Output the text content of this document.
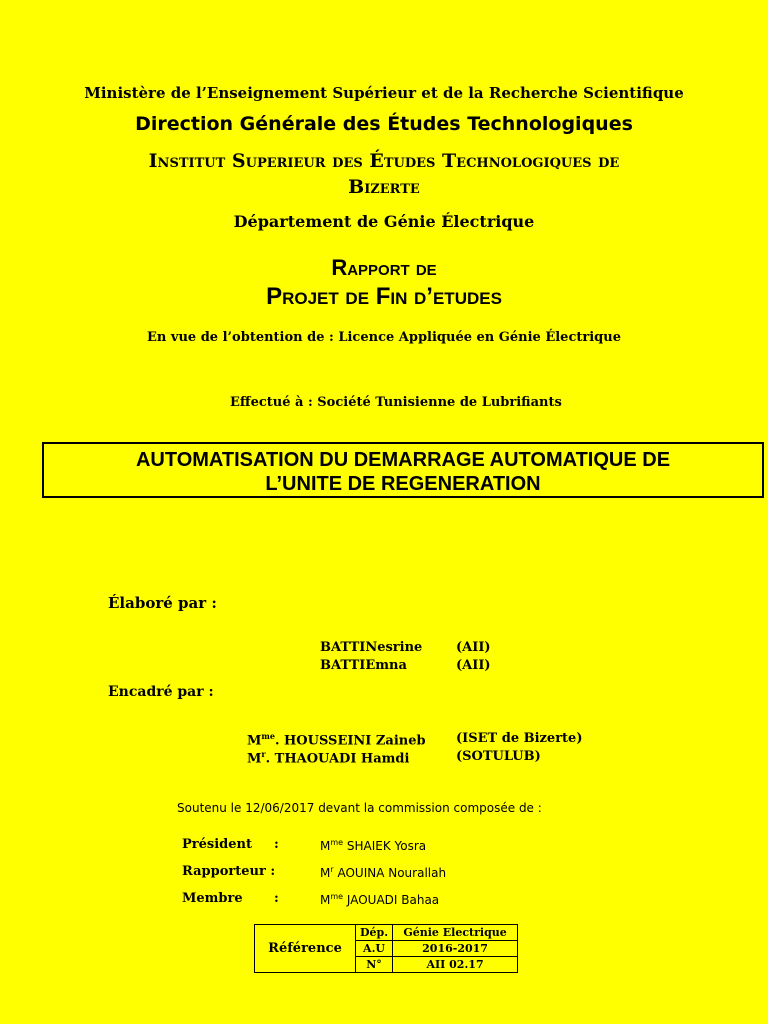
Ministère de l’Enseignement Supérieur et de la Recherche Scientifique
Direction Générale des Études Technologiques
Institut Superieur des Études Technologiques de
Bizerte
Département de Génie Électrique
Rapport de
Projet de Fin d’etudes
En vue de l’obtention de : Licence Appliquée en Génie Électrique
Effectué à : Société Tunisienne de Lubrifiants
AUTOMATISATION DU DEMARRAGE AUTOMATIQUE DE
L’UNITE DE REGENERATION
Élaboré par :
BATTINesrine	(AII)
BATTIEmna	(AII)
Encadré par :
$M^{me}$. HOUSSEINI Zaineb (ISET de Bizerte)
$M^r$. THAOUADI Hamdi	(SOTULUB)
Soutenu le 12/06/2017 devant la commission composée de :
Président :	$M^{me}$ SHAIEK Yosra
Rapporteur :	$M^r$ AOUINA Nourallah
Membre :	$M^{me}$ JAOUADI Bahaa
Référence	Dép.	Génie Electrique
	A.U	2016-2017
	N°	AII 02.17
